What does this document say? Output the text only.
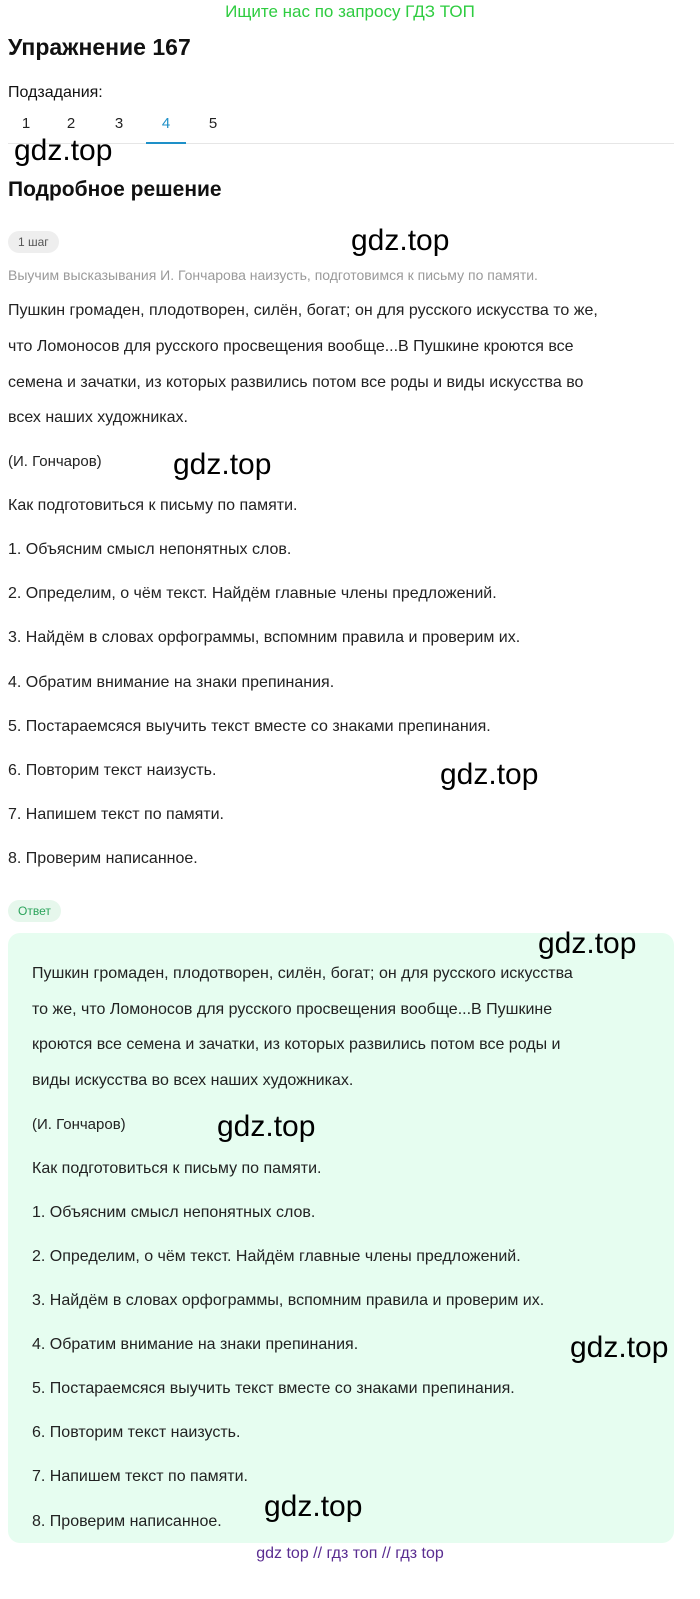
Ищите нас по запросу ГДЗ ТОП
Упражнение 167
Подзадания:
1	2	3	4	5
gdz.top
Подробное решение
1 шаг	gdz.top
Выучим высказывания И. Гончарова наизусть, подготовимся к письму по памяти.
Пушкин громаден, плодотворен, силён, богат; он для русского искусства то же,
что Ломоносов для русского просвещения вообще...В Пушкине кроются все
семена и зачатки, из которых развились потом все роды и виды искусства во
всех наших художниках.
(И. Гончаров) gdz.top
Как подготовиться к письму по памяти.
1. Объясним смысл непонятных слов.
2. Определим, о чём текст. Найдём главные члены предложений.
3. Найдём в словах орфограммы, вспомним правила и проверим их.
4. Обратим внимание на знаки препинания.
5. Постараемсяся выучить текст вместе со знаками препинания.
6. Повторим текст наизусть.	gdz.top
7. Напишем текст по памяти.
8. Проверим написанное.
Ответ
gdz.top
Пушкин громаден, плодотворен, силён, богат; он для русского искусства
то же, что Ломоносов для русского просвещения вообще...В Пушкине
кроются все семена и зачатки, из которых развились потом все роды и
виды искусства во всех наших художниках.
(И. Гончаров)	gdz.top
Как подготовиться к письму по памяти.
1. Объясним смысл непонятных слов.
2. Определим, о чём текст. Найдём главные члены предложений.
3. Найдём в словах орфограммы, вспомним правила и проверим их.
4. Обратим внимание на знаки препинания.	gdz.top
5. Постараемсяся выучить текст вместе со знаками препинания.
6. Повторим текст наизусть.
7. Напишем текст по памяти.
8. Проверим написанное. gdz.top
gdz top // гдз топ // гдз top
